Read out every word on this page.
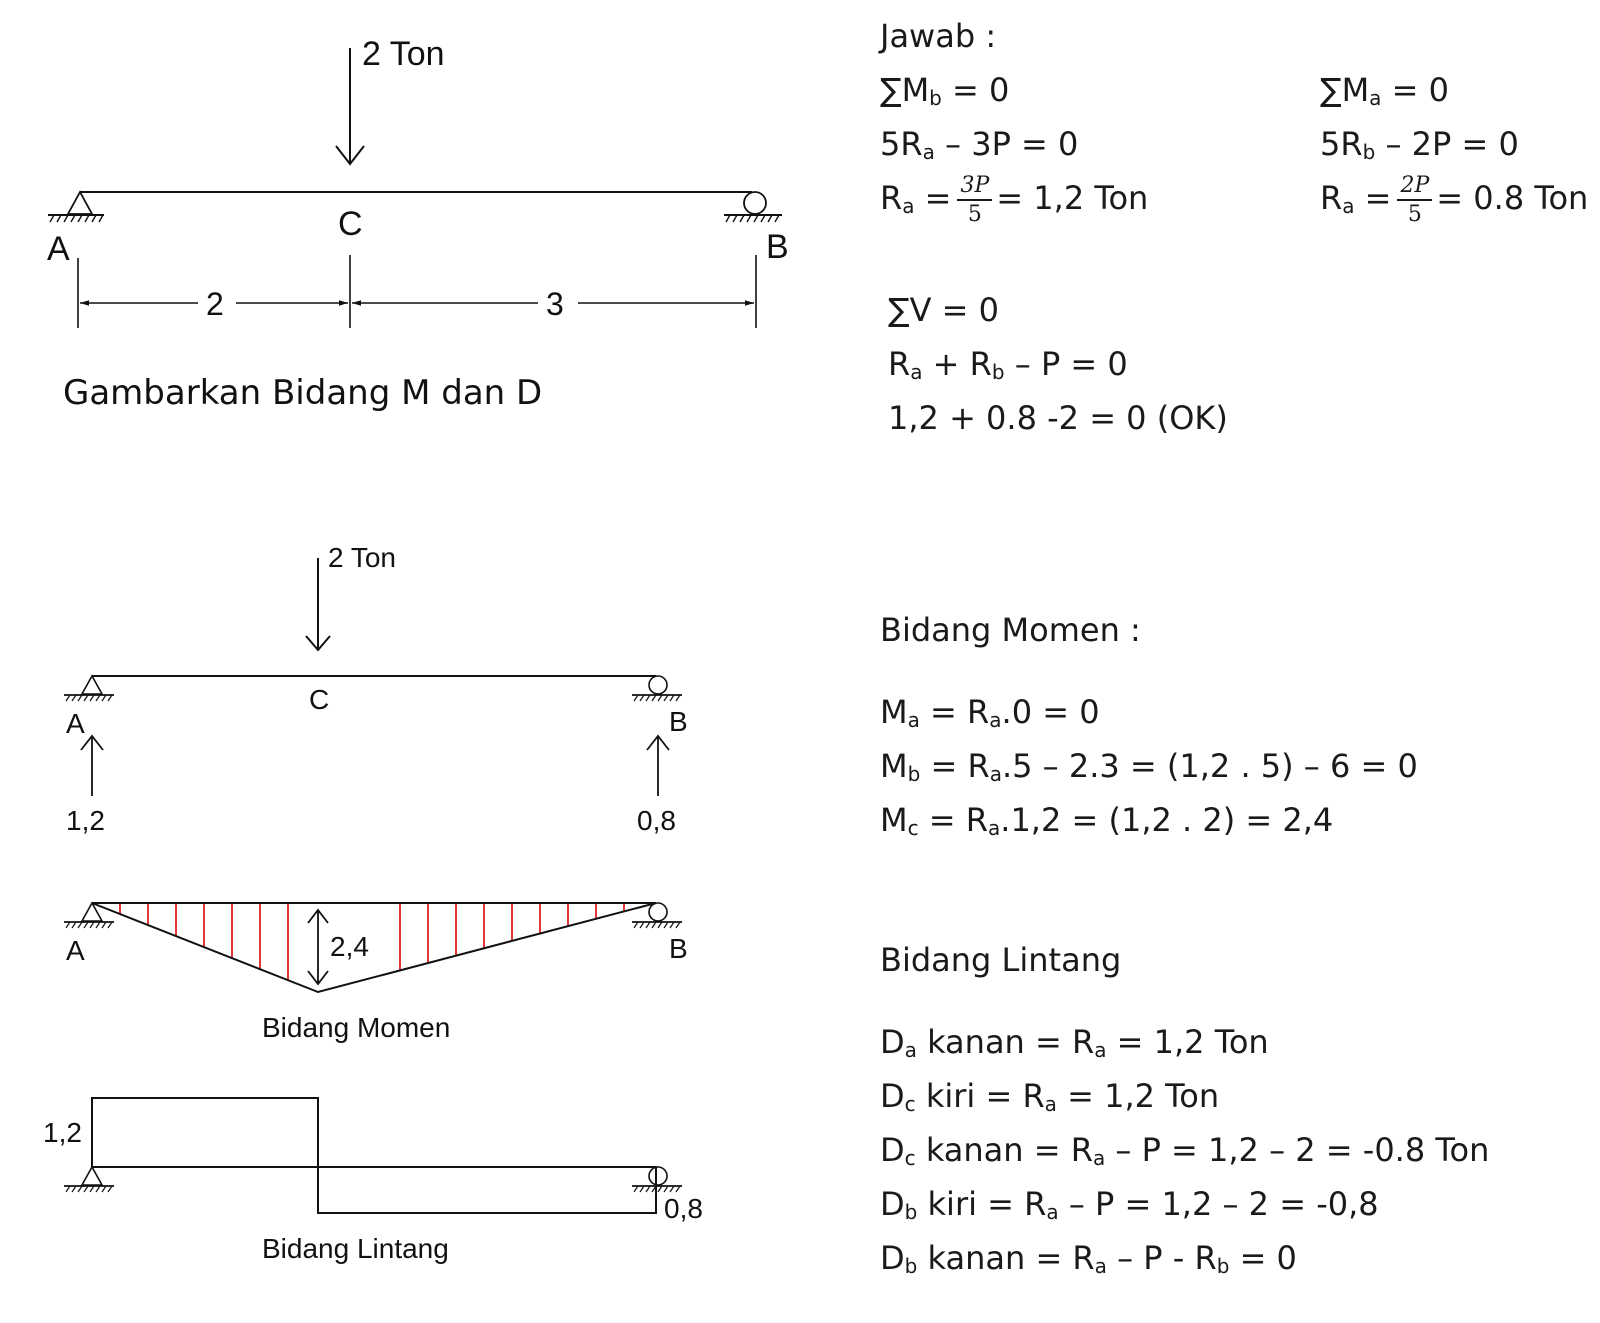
2 Ton
A
C
B
2	3
Gambarkan Bidang M dan D
2 Ton
A
C
B
1,2	0,8
2,4
A	B
Bidang Momen
1,2
0,8
Bidang Lintang
Jawab :
$\sum M_b = 0$
$5R_a - 3P = 0$
$R_a = \frac{3P}{5} = 1,2$ Ton
$\sum M_a = 0$
$5R_b - 2P = 0$
$R_a = \frac{2P}{5} = 0.8$ Ton
∑V = 0
$R_a + R_b - P = 0$
1,2 + 0.8 -2 = 0 (OK)
Bidang Momen :
$M_a = R_a.0 = 0$
$M_b = R_a.5 - 2.3 = (1,2$ . 5) – 6 = 0
$M_c = R_a.1,2 = (1,2$ . 2) = 2,4
Bidang Lintang
$D_a$ kanan = $R_a = 1,2$ Ton
$D_c$ kiri = $R_a = 1,2$ Ton
$D_c$ kanan = $R_a - P = 1,2 - 2 = -0.8$ Ton
$D_b$ kiri = $R_a - P = 1,2 - 2 = -0,8$
$D_b$ kanan = $R_a - P - R_b = 0$
